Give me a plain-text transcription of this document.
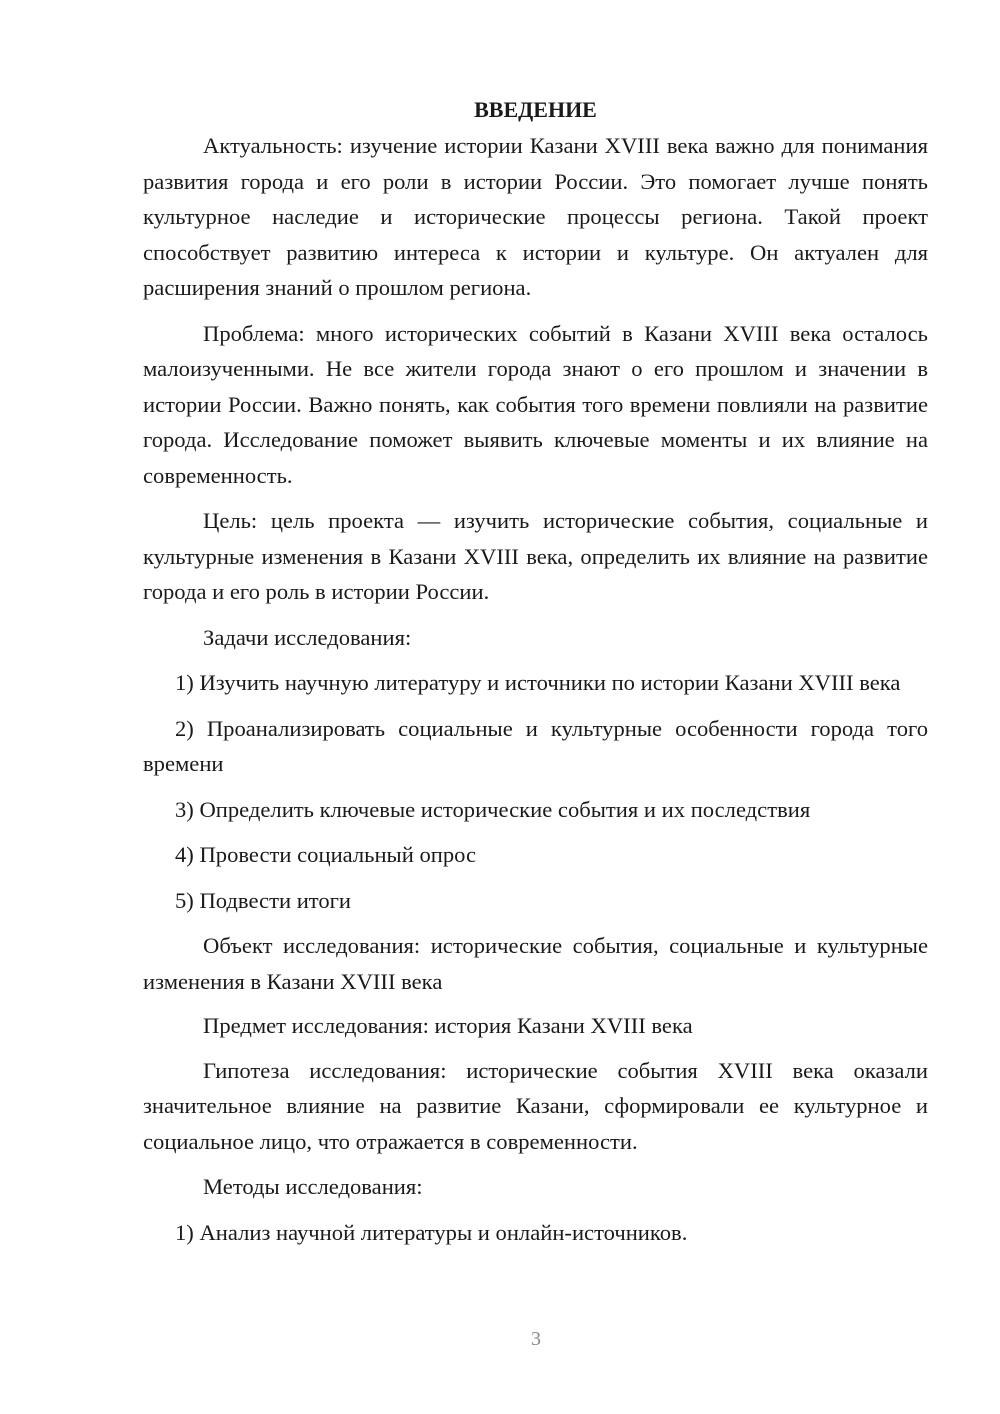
ВВЕДЕНИЕ

Актуальность: изучение истории Казани XVIII века важно для понимания развития города и его роли в истории России. Это помогает лучше понять культурное наследие и исторические процессы региона. Такой проект способствует развитию интереса к истории и культуре. Он актуален для расширения знаний о прошлом региона.

Проблема: много исторических событий в Казани XVIII века осталось малоизученными. Не все жители города знают о его прошлом и значении в истории России. Важно понять, как события того времени повлияли на развитие города. Исследование поможет выявить ключевые моменты и их влияние на современность.

Цель: цель проекта — изучить исторические события, социальные и культурные изменения в Казани XVIII века, определить их влияние на развитие города и его роль в истории России.

Задачи исследования:

1) Изучить научную литературу и источники по истории Казани XVIII века

2) Проанализировать социальные и культурные особенности города того времени

3) Определить ключевые исторические события и их последствия

4) Провести социальный опрос

5) Подвести итоги

Объект исследования: исторические события, социальные и культурные изменения в Казани XVIII века

Предмет исследования: история Казани XVIII века

Гипотеза исследования: исторические события XVIII века оказали значительное влияние на развитие Казани, сформировали ее культурное и социальное лицо, что отражается в современности.

Методы исследования:

1) Анализ научной литературы и онлайн-источников.

3
